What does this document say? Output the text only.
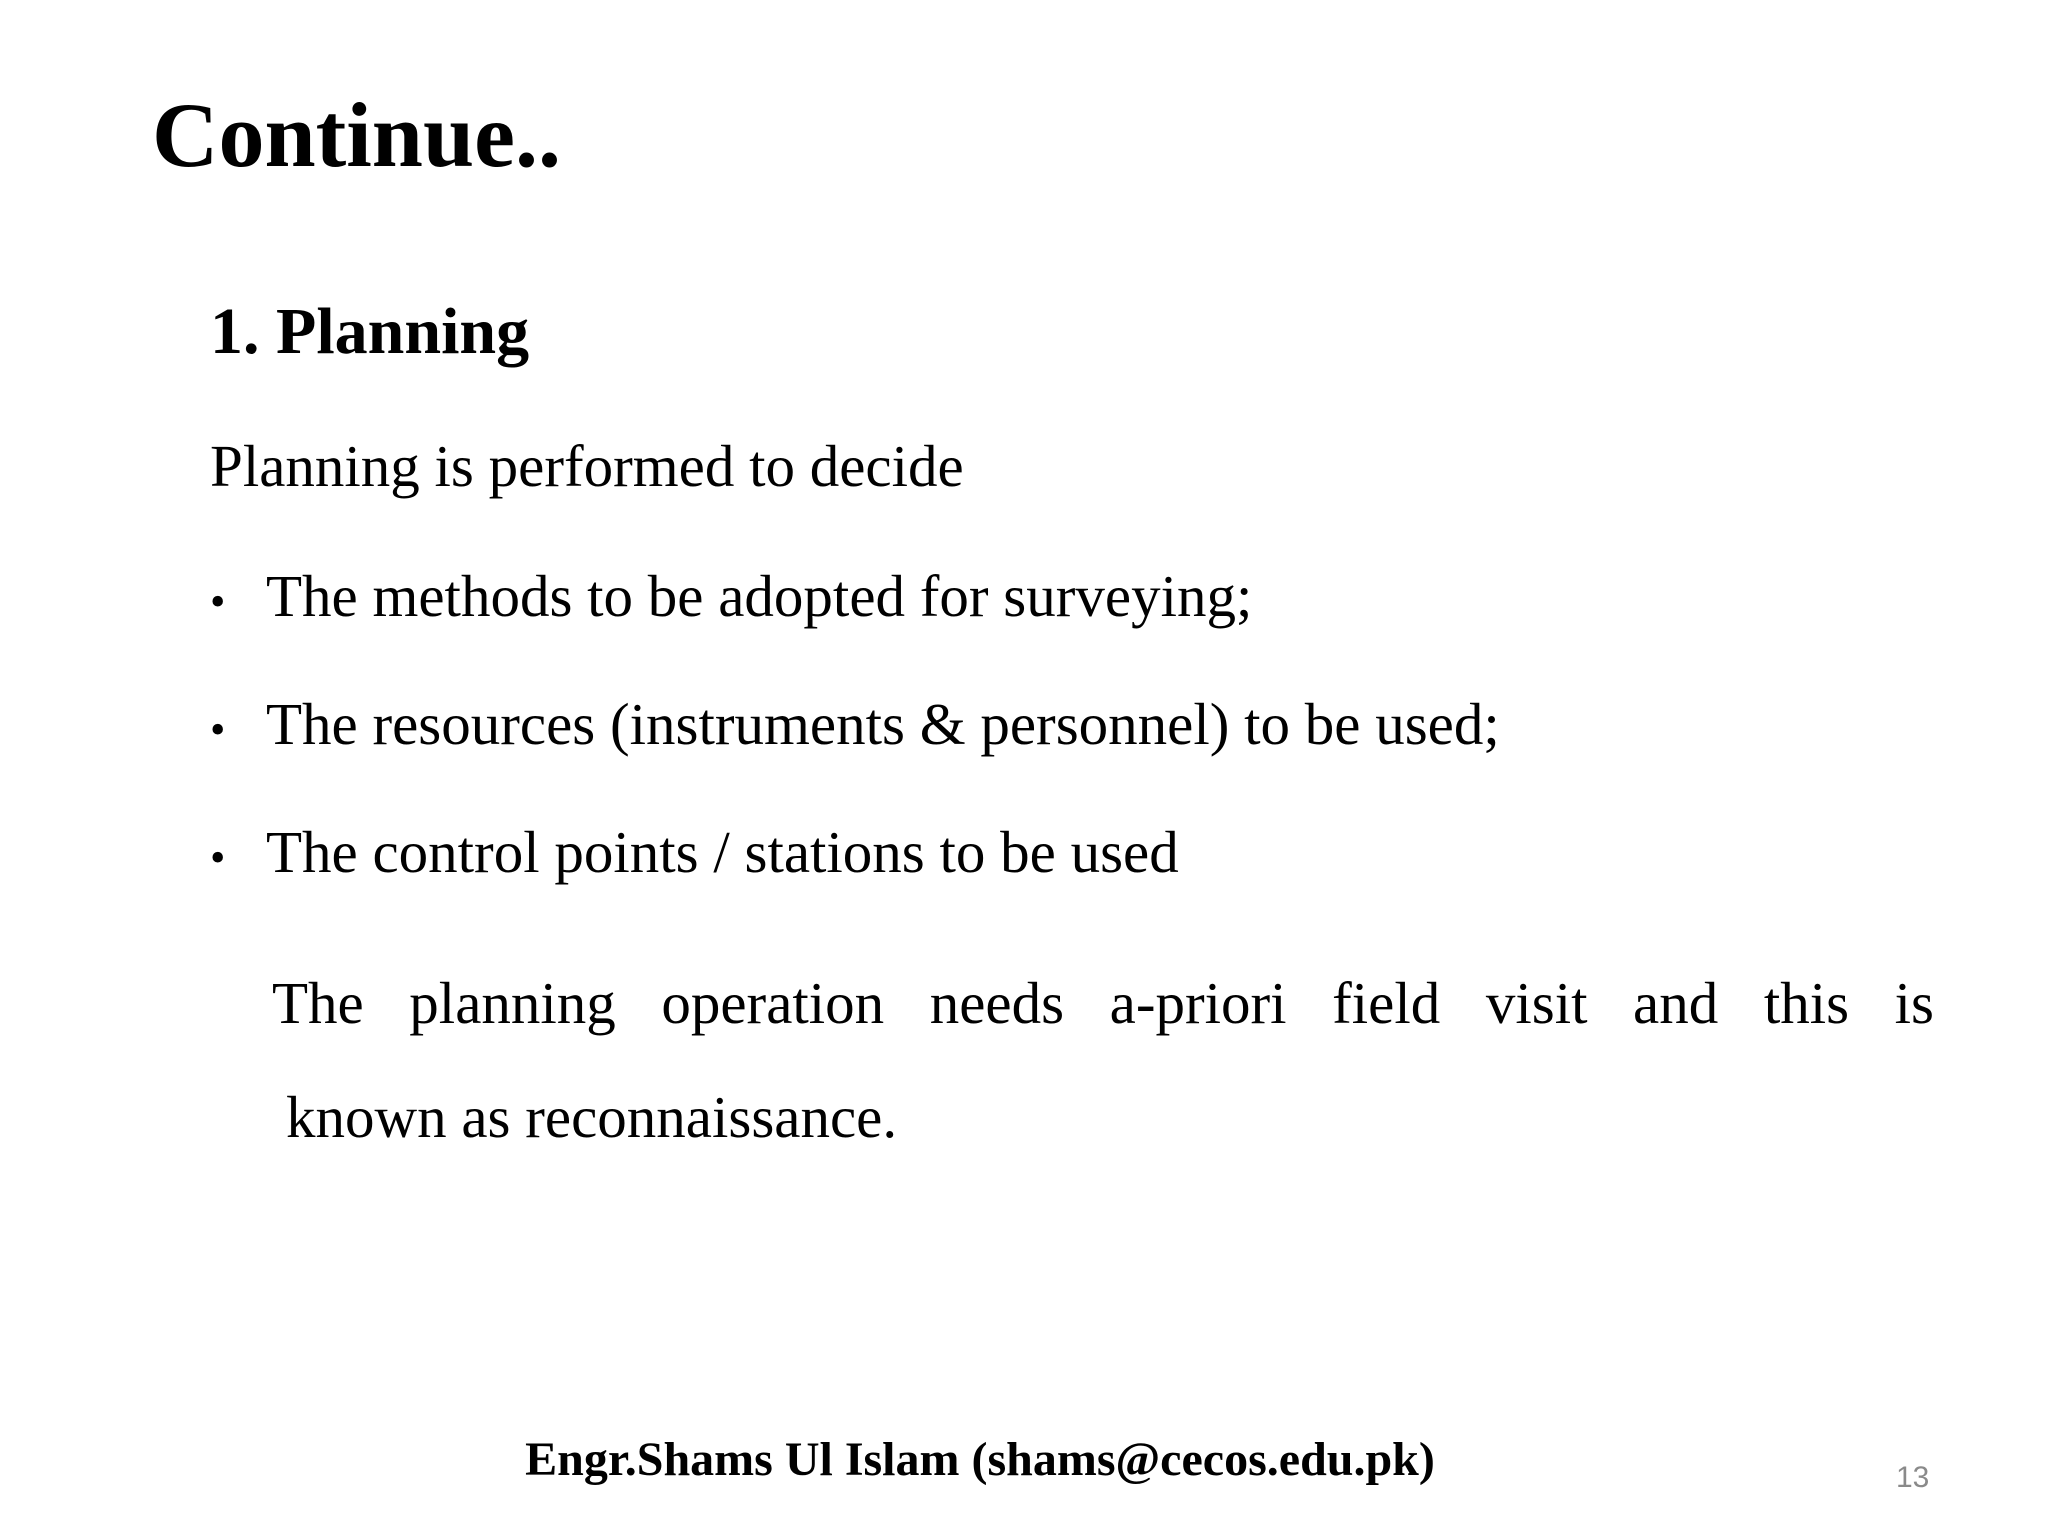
Continue..
1. Planning
Planning is performed to decide
• The methods to be adopted for surveying;
• The resources (instruments & personnel) to be used;
• The control points / stations to be used
The planning operation needs a-priori field visit and this is
known as reconnaissance.
Engr.Shams Ul Islam (shams@cecos.edu.pk)	13
